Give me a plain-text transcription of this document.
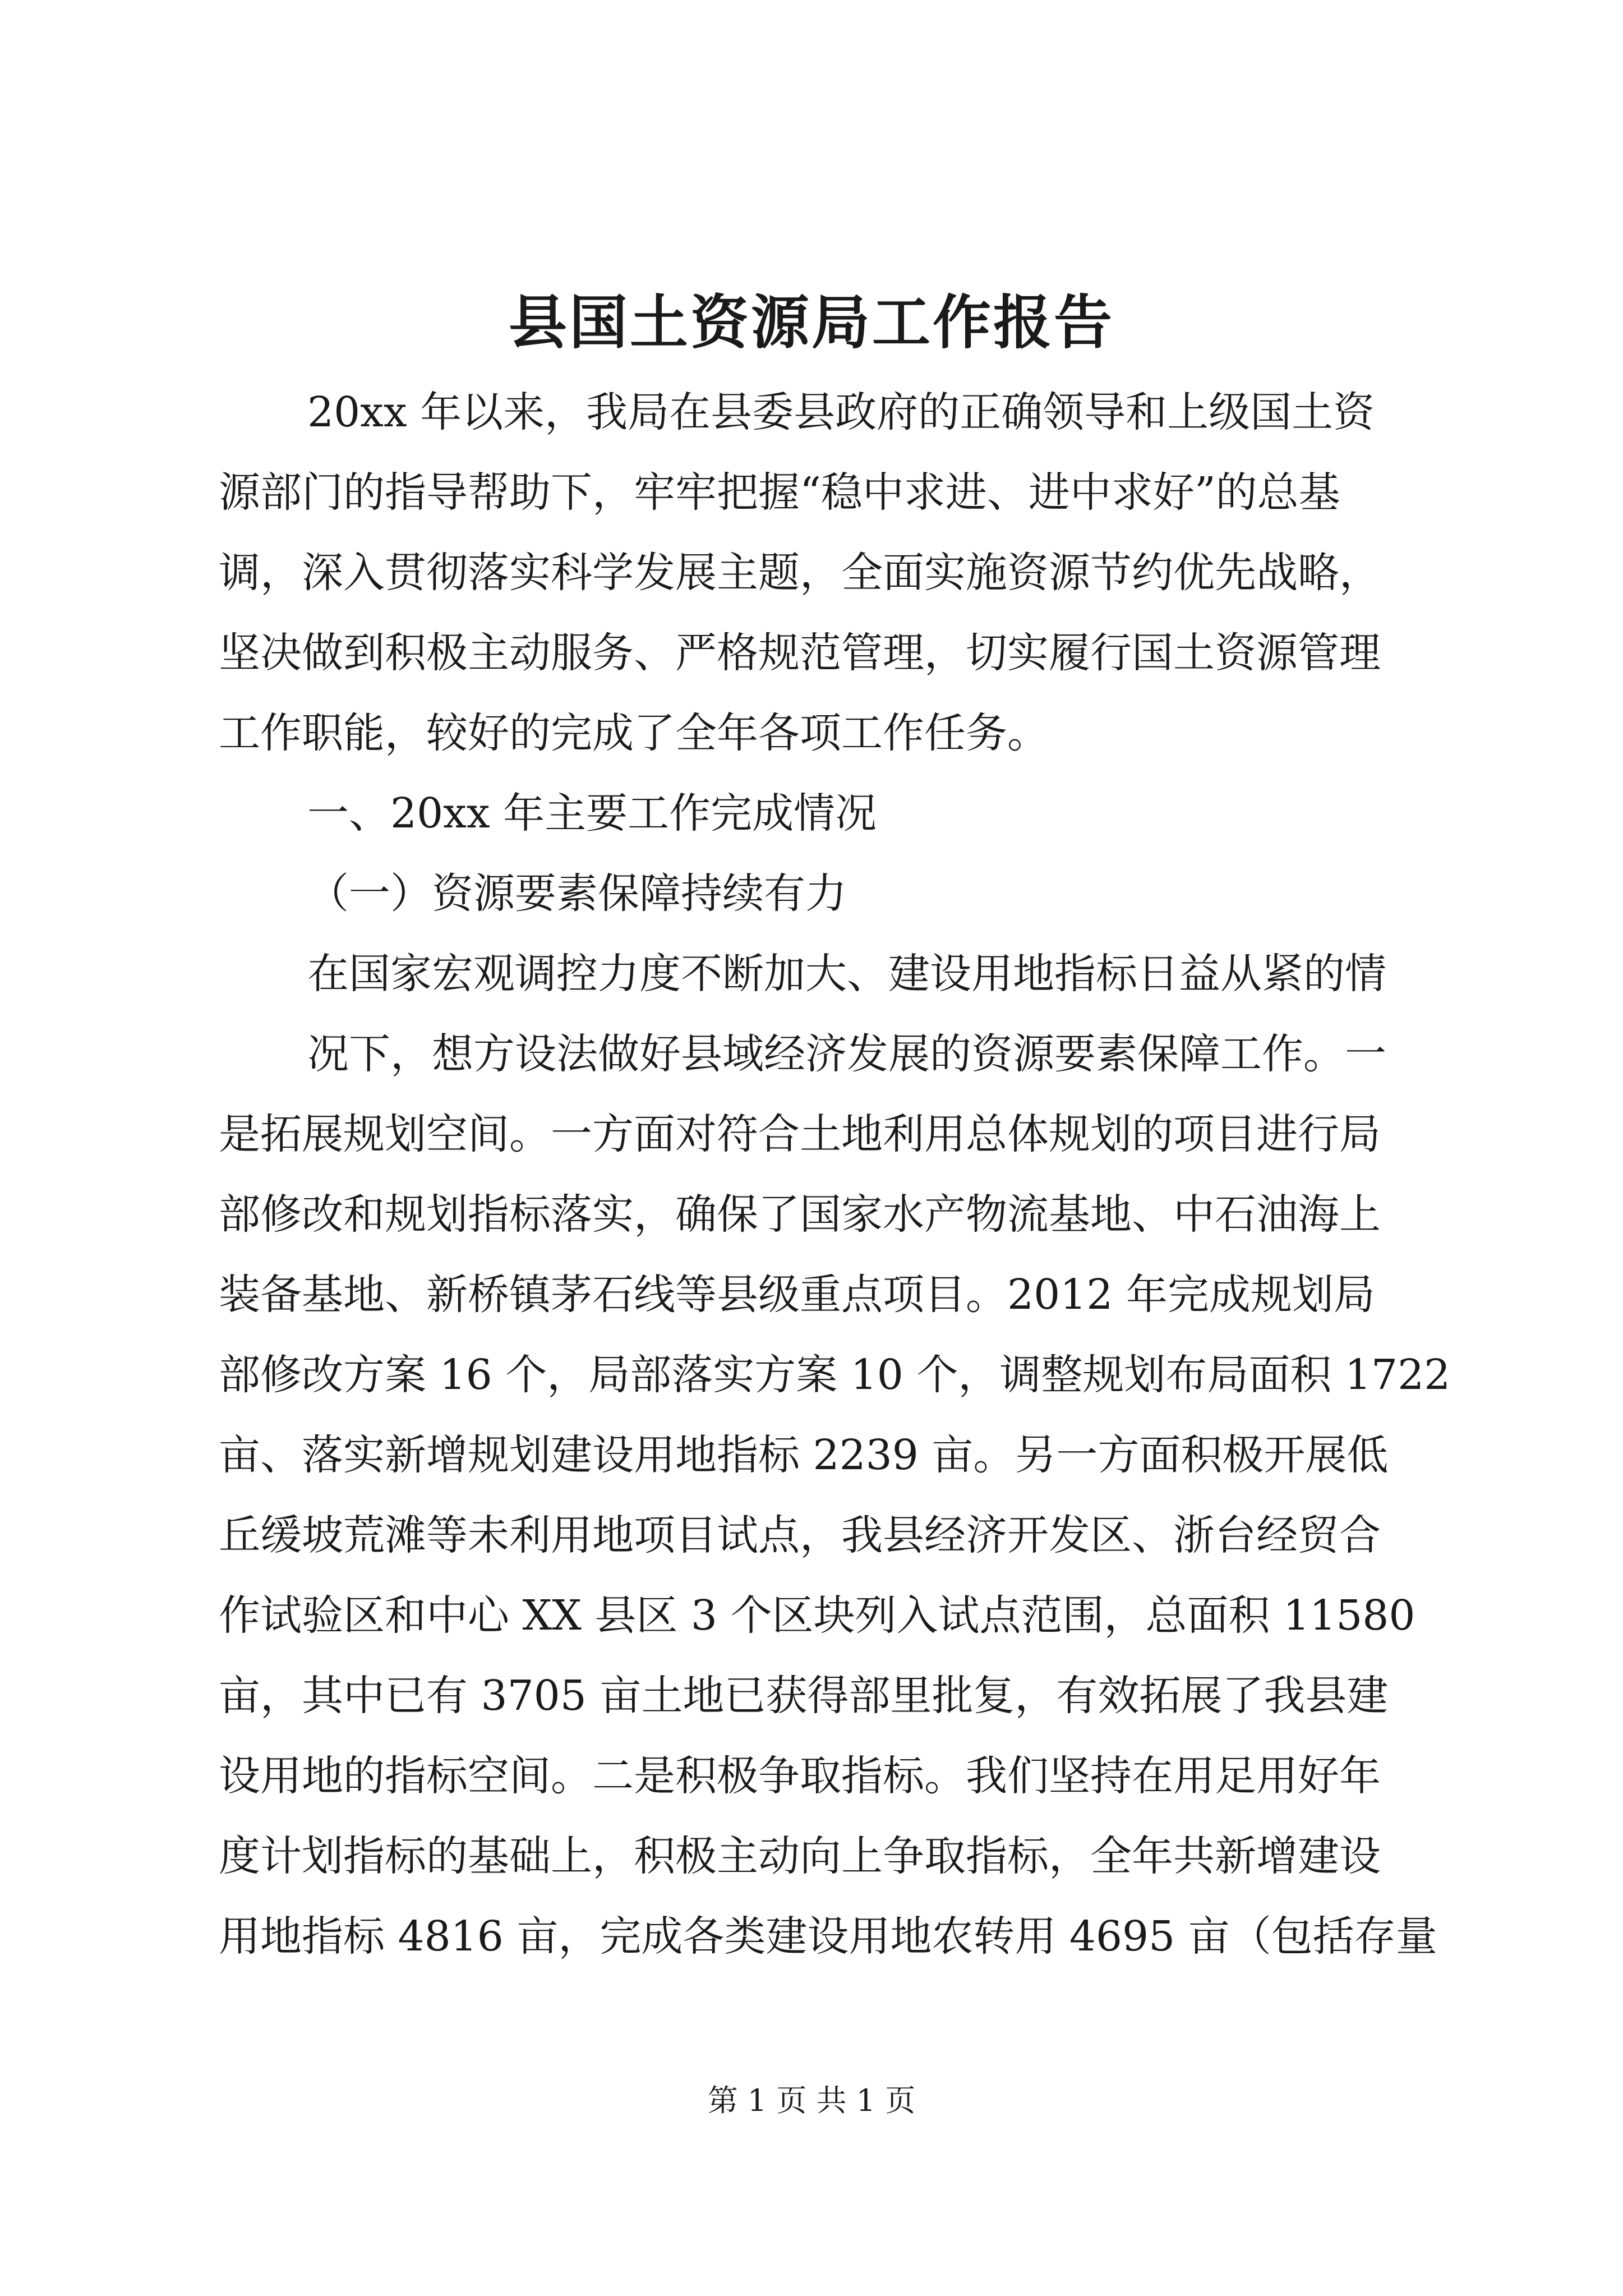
县国土资源局工作报告
20xx 年以来，我局在县委县政府的正确领导和上级国土资
源部门的指导帮助下，牢牢把握“稳中求进、进中求好”的总基
调，深入贯彻落实科学发展主题，全面实施资源节约优先战略，
坚决做到积极主动服务、严格规范管理，切实履行国土资源管理
工作职能，较好的完成了全年各项工作任务。
一、20xx 年主要工作完成情况
（一）资源要素保障持续有力
在国家宏观调控力度不断加大、建设用地指标日益从紧的情
况下，想方设法做好县域经济发展的资源要素保障工作。一
是拓展规划空间。一方面对符合土地利用总体规划的项目进行局
部修改和规划指标落实，确保了国家水产物流基地、中石油海上
装备基地、新桥镇茅石线等县级重点项目。2012 年完成规划局
部修改方案 16 个，局部落实方案 10 个，调整规划布局面积 1722
亩、落实新增规划建设用地指标 2239 亩。另一方面积极开展低
丘缓坡荒滩等未利用地项目试点，我县经济开发区、浙台经贸合
作试验区和中心 XX 县区 3 个区块列入试点范围，总面积 11580
亩，其中已有 3705 亩土地已获得部里批复，有效拓展了我县建
设用地的指标空间。二是积极争取指标。我们坚持在用足用好年
度计划指标的基础上，积极主动向上争取指标，全年共新增建设
用地指标 4816 亩，完成各类建设用地农转用 4695 亩（包括存量
第 1 页 共 1 页
